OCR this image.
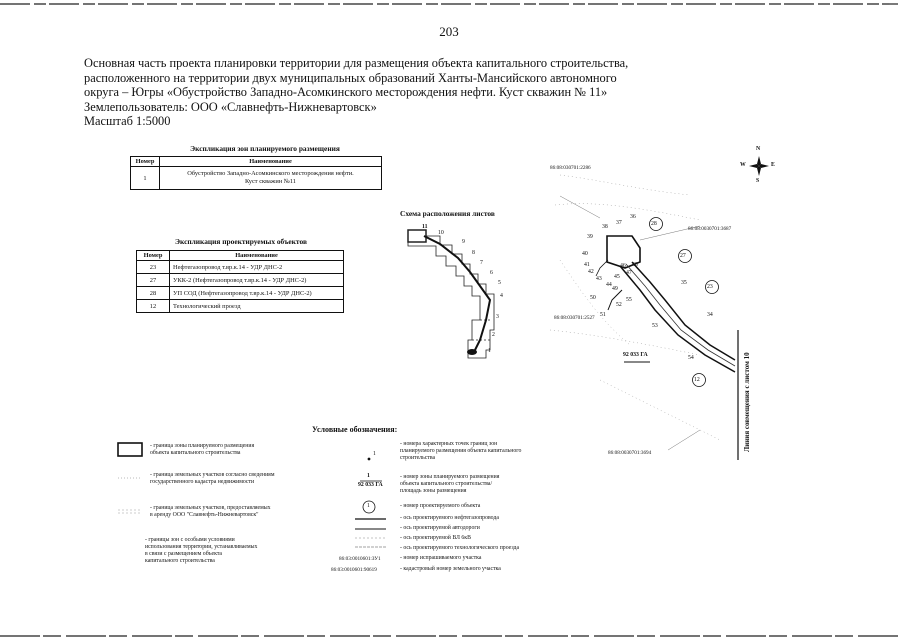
203
Основная часть проекта планировки территории для размещения объекта капитального строительства,
расположенного на территории двух муниципальных образований Ханты-Мансийского автономного
округа – Югры «Обустройство Западно-Асомкинского месторождения нефти. Куст скважин № 11»
Землепользователь: ООО «Славнефть-Нижневартовск»
Масштаб 1:5000
Экспликация зон планируемого размещения
Номер	Наименование
1	Обустройство Западно-Асомкинского месторождения нефти.
Куст скважин №11
Экспликация проектируемых объектов
Номер	Наименование
23	Нефтегазопровод т.вр.к.14 - УДР ДНС-2
27	УКК-2 (Нефтегазопровод т.вр.к.14 - УДР ДНС-2)
28	УП СОД (Нефтегазопровод т.вр.к.14 - УДР ДНС-2)
12	Технологический проезд
Схема расположения листов
11
10
9
8
7
6
5
4
3
2
1
N
S
E
W
28
27
23
12
86:08:030701:2286
86:08:0030701:3687
86:08:030701:2527
86:08:0030701:3694
92 033 ГА	Линия совмещения с листом 10
36
37
38
39
40
41
42
43
44
45
46
47
48
49
50
51
52
53
54
55
34
35
Условные обозначения:
- граница зоны планируемого размещения
объекта капитального строительства
- граница земельных участков согласно сведениям
государственного кадастра недвижимости
- граница земельных участков, предоставляемых
в аренду ООО "Славнефть-Нижневартовск"
- границы зон с особыми условиями
использования территории, устанавливаемых
в связи с размещением объекта
капитального строительства
1
1
92 033 ГА
1
86:03:0010601:ЗУ1
86:03:0010601:90619
- номера характерных точек границ зон
планируемого размещения объекта капитального
строительства
- номер зоны планируемого размещения
объекта капитального строительства/
площадь зоны размещения
- номер проектируемого объекта
- ось проектируемого нефтегазопровода
- ось проектируемой автодороги
- ось проектируемой ВЛ 6кВ
- ось проектируемого технологического проезда
- номер испрашиваемого участка
- кадастровый номер земельного участка
